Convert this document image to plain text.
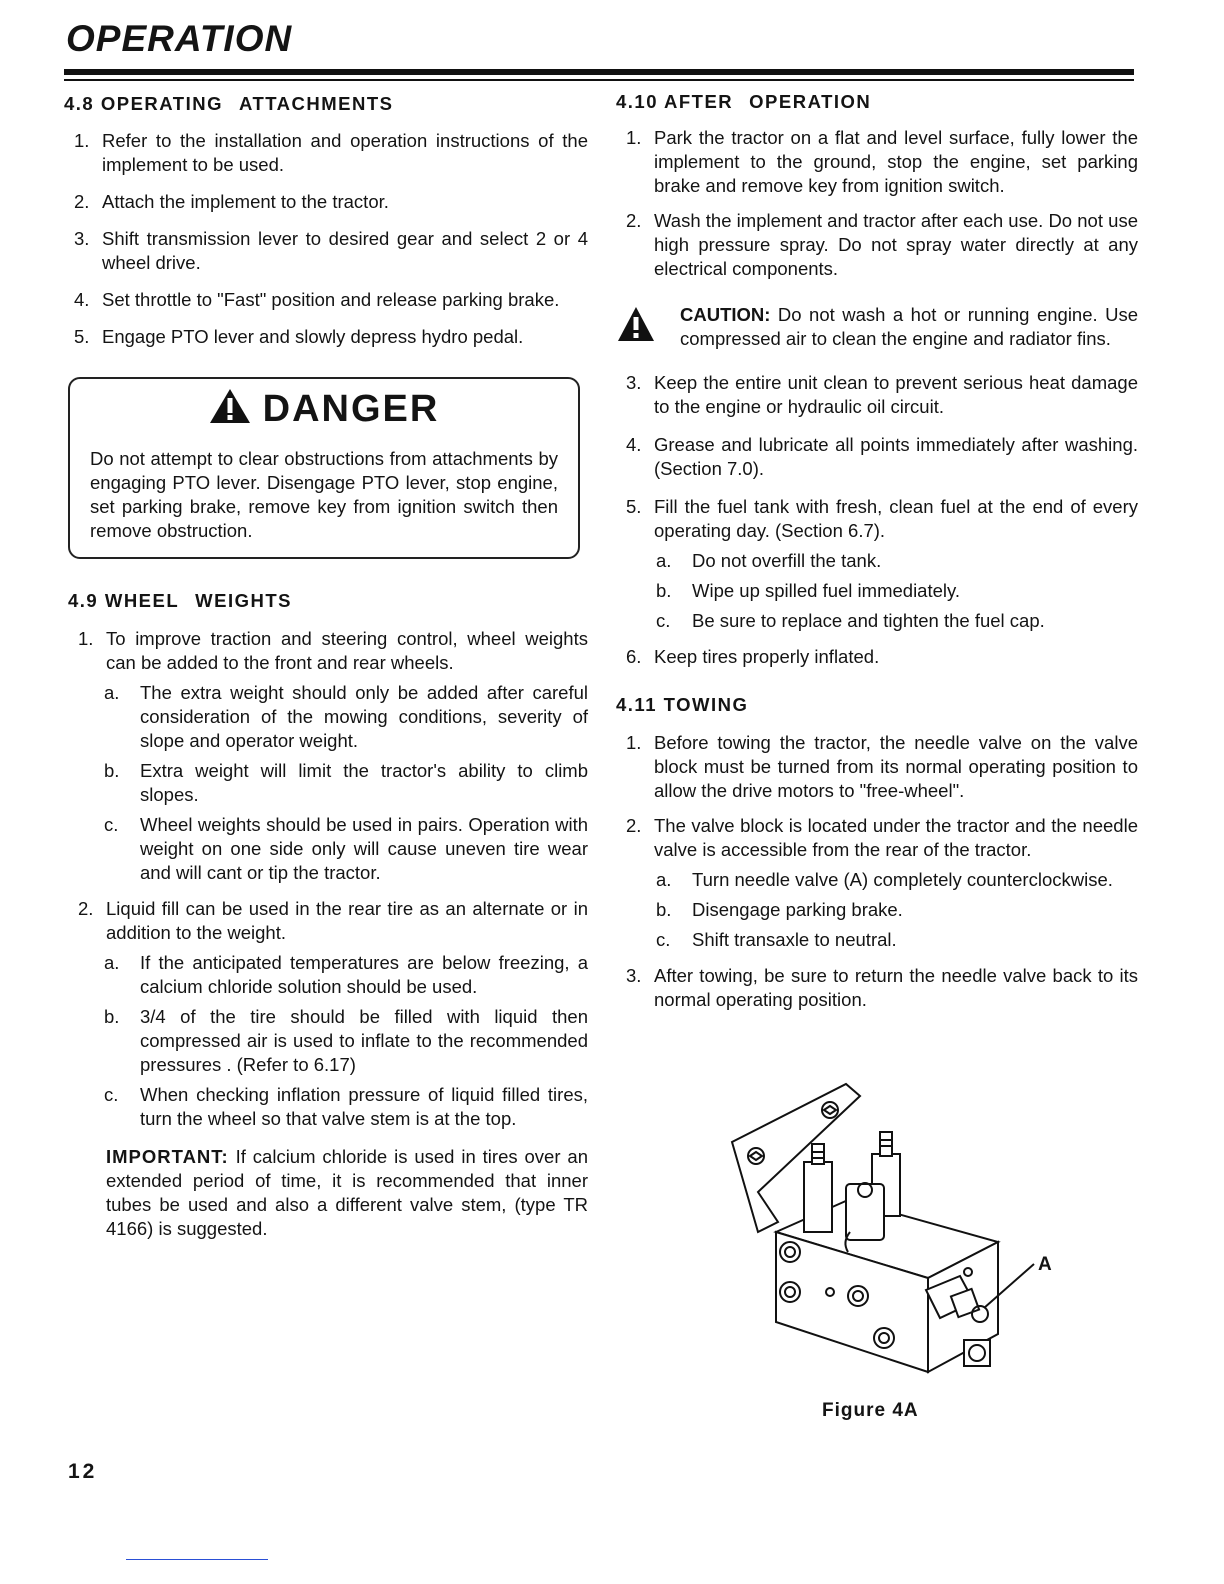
OPERATION
4.8 OPERATING ATTACHMENTS
1. Refer to the installation and operation instructions of the implement to be used.
2. Attach the implement to the tractor.
3. Shift transmission lever to desired gear and select 2 or 4 wheel drive.
4. Set throttle to "Fast" position and release parking brake.
5. Engage PTO lever and slowly depress hydro pedal.
DANGER

Do not attempt to clear obstructions from attachments by engaging PTO lever. Disengage PTO lever, stop engine, set parking brake, remove key from ignition switch then remove obstruction.

4.9 WHEEL WEIGHTS
1. To improve traction and steering control, wheel weights can be added to the front and rear wheels.
a. The extra weight should only be added after careful consideration of the mowing conditions, severity of slope and operator weight.
b. Extra weight will limit the tractor's ability to climb slopes.
c. Wheel weights should be used in pairs. Operation with weight on one side only will cause uneven tire wear and will cant or tip the tractor.
2. Liquid fill can be used in the rear tire as an alternate or in addition to the weight.
a. If the anticipated temperatures are below freezing, a calcium chloride solution should be used.
b. 3/4 of the tire should be filled with liquid then compressed air is used to inflate to the recommended pressures . (Refer to 6.17)
c. When checking inflation pressure of liquid filled tires, turn the wheel so that valve stem is at the top.

IMPORTANT: If calcium chloride is used in tires over an extended period of time, it is recommended that inner tubes be used and also a different valve stem, (type TR 4166) is suggested.

4.10 AFTER OPERATION
1. Park the tractor on a flat and level surface, fully lower the implement to the ground, stop the engine, set parking brake and remove key from ignition switch.
2. Wash the implement and tractor after each use. Do not use high pressure spray. Do not spray water directly at any electrical components.
CAUTION: Do not wash a hot or running engine. Use compressed air to clean the engine and radiator fins.
3. Keep the entire unit clean to prevent serious heat damage to the engine or hydraulic oil circuit.
4. Grease and lubricate all points immediately after washing. (Section 7.0).
5. Fill the fuel tank with fresh, clean fuel at the end of every operating day. (Section 6.7).
a. Do not overfill the tank.
b. Wipe up spilled fuel immediately.
c. Be sure to replace and tighten the fuel cap.
6. Keep tires properly inflated.
4.11 TOWING
1. Before towing the tractor, the needle valve on the valve block must be turned from its normal operating position to allow the drive motors to "free-wheel".
2. The valve block is located under the tractor and the needle valve is accessible from the rear of the tractor.
a. Turn needle valve (A) completely counterclockwise.
b. Disengage parking brake.
c. Shift transaxle to neutral.
3. After towing, be sure to return the needle valve back to its normal operating position.
A
Figure 4A
12
